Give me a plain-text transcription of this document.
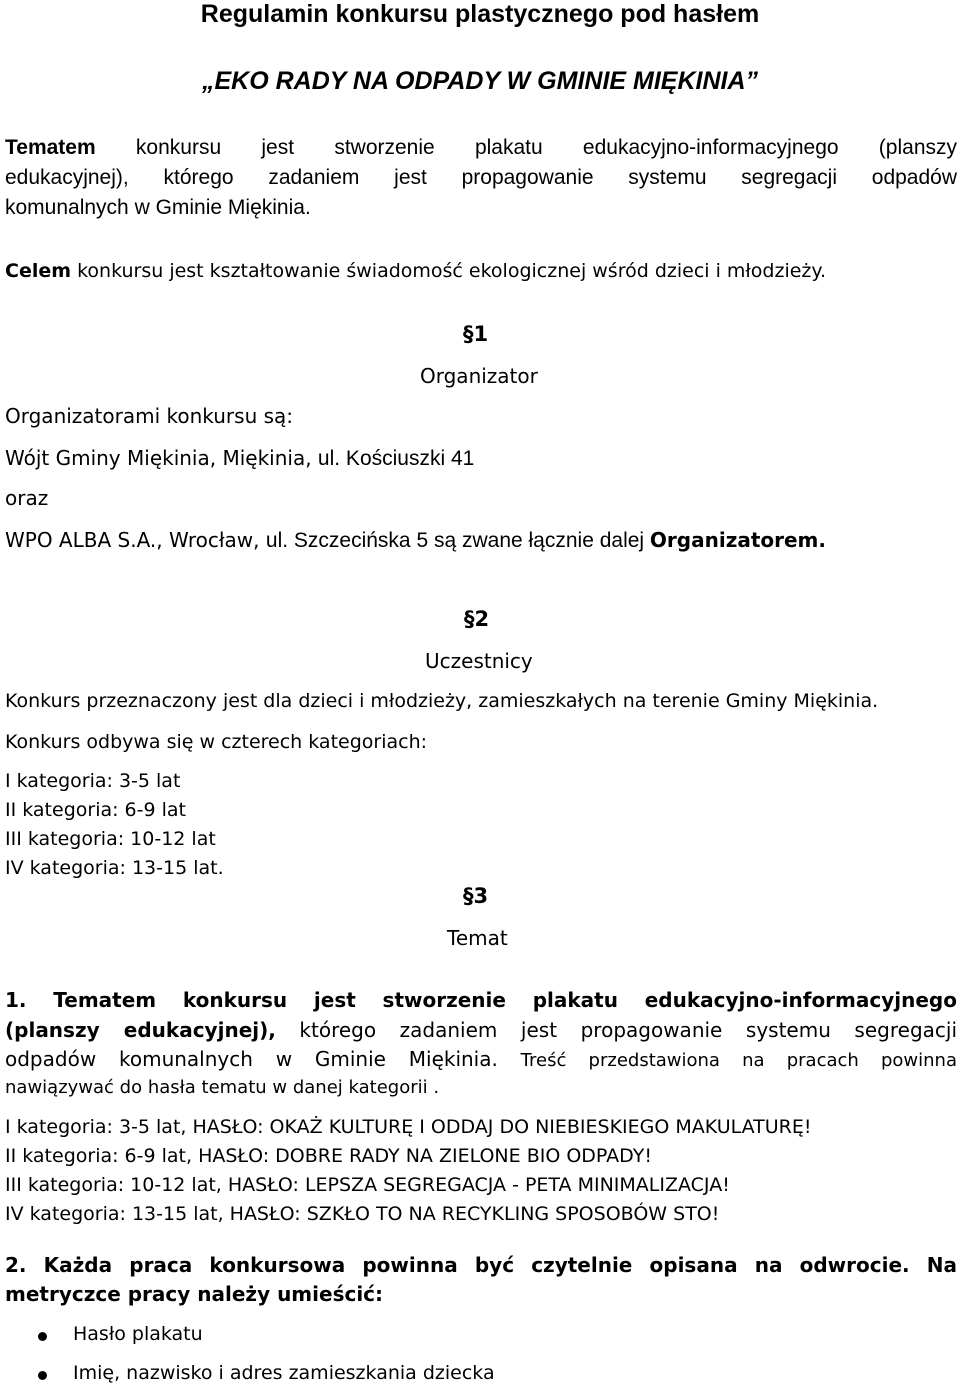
Regulamin konkursu plastycznego pod hasłem
„EKO RADY NA ODPADY W GMINIE MIĘKINIA”
Tematem konkursu jest stworzenie plakatu edukacyjno-informacyjnego (planszy
edukacyjnej), którego zadaniem jest propagowanie systemu segregacji odpadów
komunalnych w Gminie Miękinia.
Celem konkursu jest kształtowanie świadomość ekologicznej wśród dzieci i młodzieży.
§1
Organizator
Organizatorami konkursu są:
Wójt Gminy Miękinia, Miękinia, ul. Kościuszki 41
oraz
WPO ALBA S.A., Wrocław, ul. Szczecińska 5 są zwane łącznie dalej Organizatorem.
§2
Uczestnicy
Konkurs przeznaczony jest dla dzieci i młodzieży, zamieszkałych na terenie Gminy Miękinia.
Konkurs odbywa się w czterech kategoriach:
I kategoria: 3-5 lat
II kategoria: 6-9 lat
III kategoria: 10-12 lat
IV kategoria: 13-15 lat.
§3
Temat
1. Tematem konkursu jest stworzenie plakatu edukacyjno-informacyjnego
(planszy edukacyjnej), którego zadaniem jest propagowanie systemu segregacji
odpadów komunalnych w Gminie Miękinia. Treść przedstawiona na pracach powinna
nawiązywać do hasła tematu w danej kategorii .
I kategoria: 3-5 lat, HASŁO: OKAŻ KULTURĘ I ODDAJ DO NIEBIESKIEGO MAKULATURĘ!
II kategoria: 6-9 lat, HASŁO: DOBRE RADY NA ZIELONE BIO ODPADY!
III kategoria: 10-12 lat, HASŁO: LEPSZA SEGREGACJA - PETA MINIMALIZACJA!
IV kategoria: 13-15 lat, HASŁO: SZKŁO TO NA RECYKLING SPOSOBÓW STO!
2. Każda praca konkursowa powinna być czytelnie opisana na odwrocie. Na
metryczce pracy należy umieścić:
Hasło plakatu
Imię, nazwisko i adres zamieszkania dziecka
